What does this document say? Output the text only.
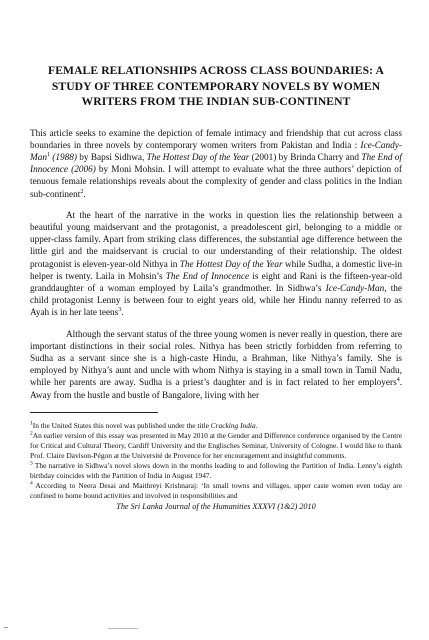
FEMALE RELATIONSHIPS ACROSS CLASS BOUNDARIES: A
STUDY OF THREE CONTEMPORARY NOVELS BY WOMEN
WRITERS FROM THE INDIAN SUB-CONTINENT

This article seeks to examine the depiction of female intimacy and friendship that cut across class boundaries in three novels by contemporary women writers from Pakistan and India : Ice-Candy-Man$^1$ (1988) by Bapsi Sidhwa, The Hottest Day of the Year (2001) by Brinda Charry and The End of Innocence (2006) by Moni Mohsin. I will attempt to evaluate what the three authors’ depiction of tenuous female relationships reveals about the complexity of gender and class politics in the Indian sub-continent$^2$.

At the heart of the narrative in the works in question lies the relationship between a beautiful young maidservant and the protagonist, a preadolescent girl, belonging to a middle or upper-class family. Apart from striking class differences, the substantial age difference between the little girl and the maidservant is crucial to our understanding of their relationship. The oldest protagonist is eleven-year-old Nithya in The Hottest Day of the Year while Sudha, a domestic live-in helper is twenty. Laila in Mohsin’s The End of Innocence is eight and Rani is the fifteen-year-old granddaughter of a woman employed by Laila’s grandmother. In Sidhwa’s Ice-Candy-Man, the child protagonist Lenny is between four to eight years old, while her Hindu nanny referred to as Ayah is in her late teens$^3$.

Although the servant status of the three young women is never really in question, there are important distinctions in their social roles. Nithya has been strictly forbidden from referring to Sudha as a servant since she is a high-caste Hindu, a Brahman, like Nithya’s family. She is employed by Nithya’s aunt and uncle with whom Nithya is staying in a small town in Tamil Nadu, while her parents are away. Sudha is a priest’s daughter and is in fact related to her employers$^4$. Away from the hustle and bustle of Bangalore, living with her

$^1$In the United States this novel was published under the title Cracking India.
$^2$An earlier version of this essay was presented in May 2010 at the Gender and Difference conference organised by the Centre for Critical and Cultural Theory, Cardiff University and the Englisches Seminar, University of Cologne. I would like to thank Prof. Claire Davison-Pégon at the Université de Provence for her encouragement and insightful comments.
$^3$ The narrative in Sidhwa’s novel slows down in the months leading to and following the Partition of India. Lenny’s eighth birthday coincides with the Partition of India in August 1947.
$^4$ According to Neera Desai and Maithreyi Krishnaraj: ‘In small towns and villages, upper caste women even today are confined to home bound activities and involved in responsibilities and
The Sri Lanka Journal of the Humanities XXXVI (1&2) 2010
